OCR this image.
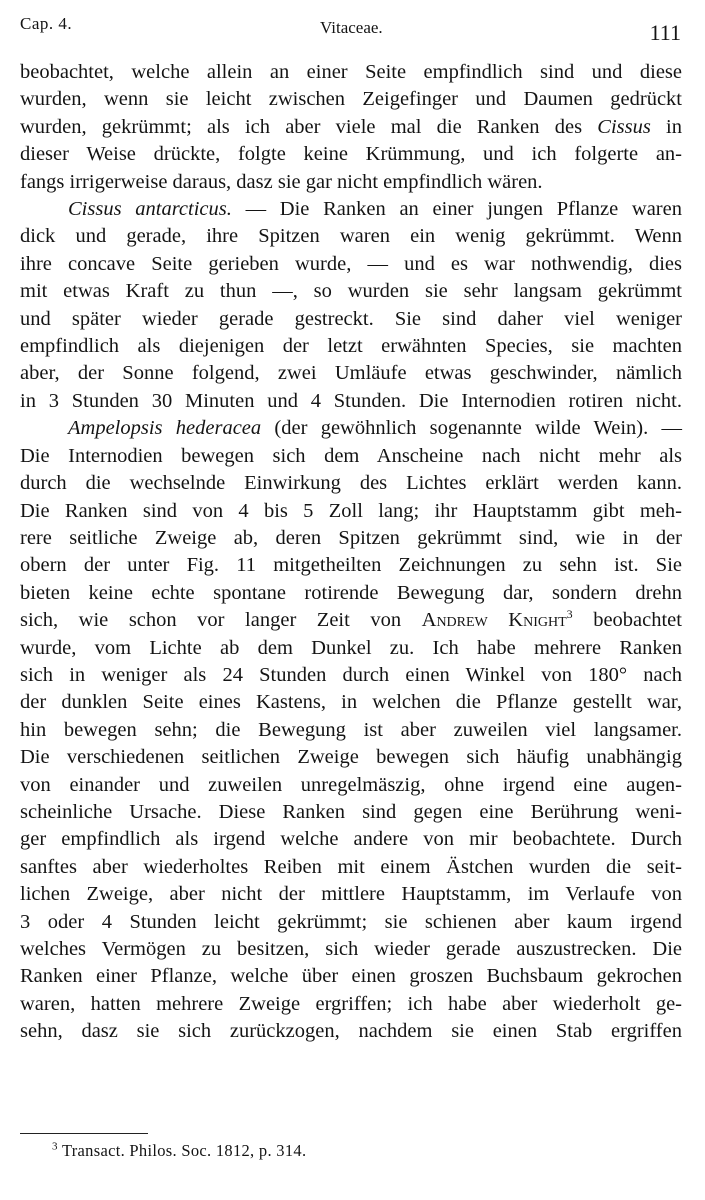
Cap. 4.	Vitaceae.	111

beobachtet, welche allein an einer Seite empfindlich sind und diese

wurden, wenn sie leicht zwischen Zeigefinger und Daumen gedrückt

wurden, gekrümmt; als ich aber viele mal die Ranken des Cissus in

dieser Weise drückte, folgte keine Krümmung, und ich folgerte an-

fangs irrigerweise daraus, dasz sie gar nicht empfindlich wären.

Cissus antarcticus. — Die Ranken an einer jungen Pflanze waren

dick und gerade, ihre Spitzen waren ein wenig gekrümmt. Wenn

ihre concave Seite gerieben wurde, — und es war nothwendig, dies

mit etwas Kraft zu thun —, so wurden sie sehr langsam gekrümmt

und später wieder gerade gestreckt. Sie sind daher viel weniger

empfindlich als diejenigen der letzt erwähnten Species, sie machten

aber, der Sonne folgend, zwei Umläufe etwas geschwinder, nämlich

in 3 Stunden 30 Minuten und 4 Stunden. Die Internodien rotiren nicht.

Ampelopsis hederacea (der gewöhnlich sogenannte wilde Wein). —

Die Internodien bewegen sich dem Anscheine nach nicht mehr als

durch die wechselnde Einwirkung des Lichtes erklärt werden kann.

Die Ranken sind von 4 bis 5 Zoll lang; ihr Hauptstamm gibt meh-

rere seitliche Zweige ab, deren Spitzen gekrümmt sind, wie in der

obern der unter Fig. 11 mitgetheilten Zeichnungen zu sehn ist. Sie

bieten keine echte spontane rotirende Bewegung dar, sondern drehn

sich, wie schon vor langer Zeit von Andrew Knight$^3$ beobachtet

wurde, vom Lichte ab dem Dunkel zu. Ich habe mehrere Ranken

sich in weniger als 24 Stunden durch einen Winkel von 180° nach

der dunklen Seite eines Kastens, in welchen die Pflanze gestellt war,

hin bewegen sehn; die Bewegung ist aber zuweilen viel langsamer.

Die verschiedenen seitlichen Zweige bewegen sich häufig unabhängig

von einander und zuweilen unregelmäszig, ohne irgend eine augen-

scheinliche Ursache. Diese Ranken sind gegen eine Berührung weni-

ger empfindlich als irgend welche andere von mir beobachtete. Durch

sanftes aber wiederholtes Reiben mit einem Ästchen wurden die seit-

lichen Zweige, aber nicht der mittlere Hauptstamm, im Verlaufe von

3 oder 4 Stunden leicht gekrümmt; sie schienen aber kaum irgend

welches Vermögen zu besitzen, sich wieder gerade auszustrecken. Die

Ranken einer Pflanze, welche über einen groszen Buchsbaum gekrochen

waren, hatten mehrere Zweige ergriffen; ich habe aber wiederholt ge-

sehn, dasz sie sich zurückzogen, nachdem sie einen Stab ergriffen

$^3$ Transact. Philos. Soc. 1812, p. 314.
